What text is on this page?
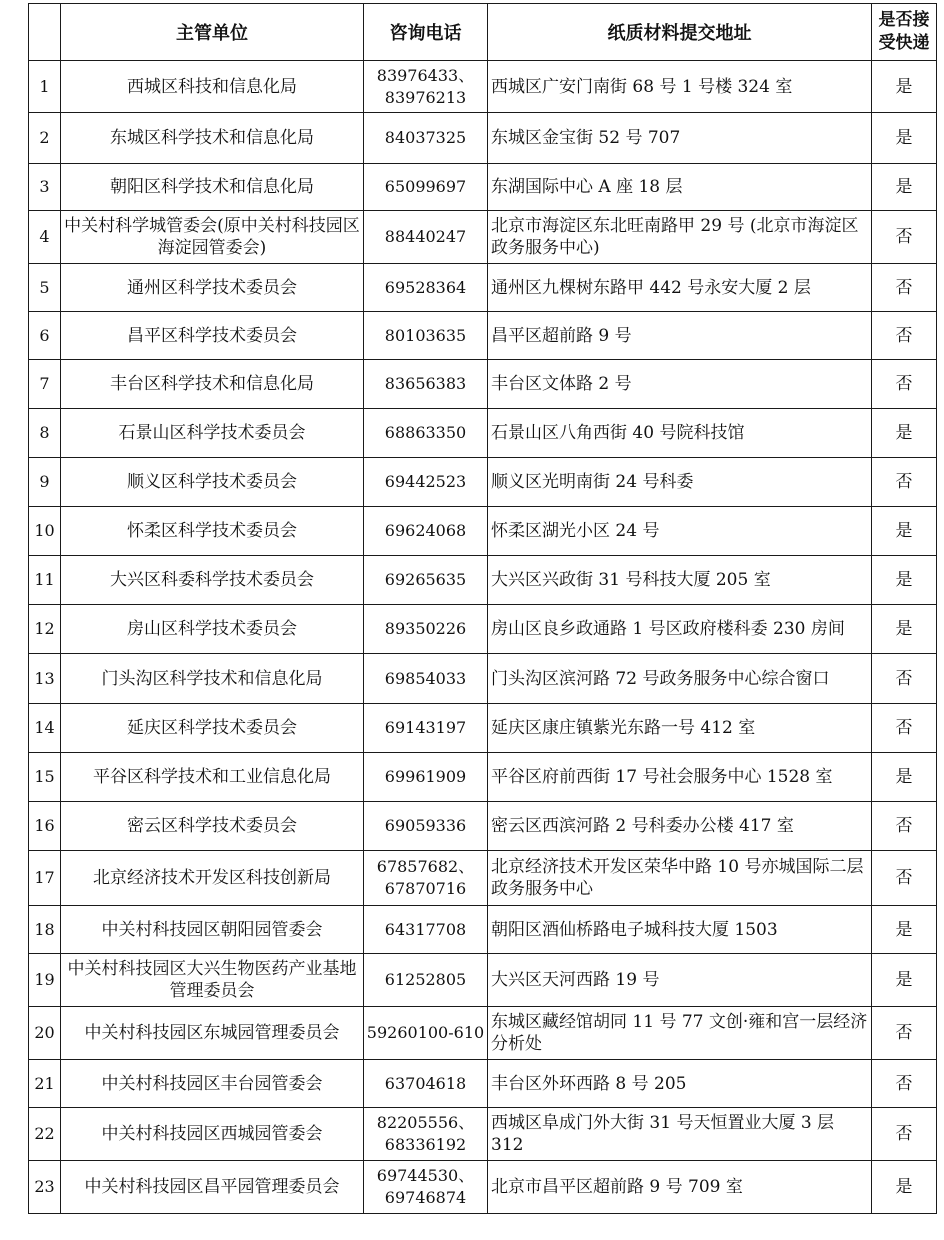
	主管单位	咨询电话	纸质材料提交地址	是否接
受快递

1	西城区科技和信息化局	83976433、83976213	西城区广安门南街 68 号 1 号楼 324 室	是
2	东城区科学技术和信息化局	84037325	东城区金宝街 52 号 707	是
3	朝阳区科学技术和信息化局	65099697	东湖国际中心 A 座 18 层	是
4	中关村科学城管委会(原中关村科技园区海淀园管委会)	88440247	北京市海淀区东北旺南路甲 29 号 (北京市海淀区政务服务中心)	否
5	通州区科学技术委员会	69528364	通州区九棵树东路甲 442 号永安大厦 2 层	否
6	昌平区科学技术委员会	80103635	昌平区超前路 9 号	否
7	丰台区科学技术和信息化局	83656383	丰台区文体路 2 号	否
8	石景山区科学技术委员会	68863350	石景山区八角西街 40 号院科技馆	是
9	顺义区科学技术委员会	69442523	顺义区光明南街 24 号科委	否
10	怀柔区科学技术委员会	69624068	怀柔区湖光小区 24 号	是
11	大兴区科委科学技术委员会	69265635	大兴区兴政街 31 号科技大厦 205 室	是
12	房山区科学技术委员会	89350226	房山区良乡政通路 1 号区政府楼科委 230 房间	是
13	门头沟区科学技术和信息化局	69854033	门头沟区滨河路 72 号政务服务中心综合窗口	否
14	延庆区科学技术委员会	69143197	延庆区康庄镇紫光东路一号 412 室	否
15	平谷区科学技术和工业信息化局	69961909	平谷区府前西街 17 号社会服务中心 1528 室	是
16	密云区科学技术委员会	69059336	密云区西滨河路 2 号科委办公楼 417 室	否
17	北京经济技术开发区科技创新局	67857682、67870716	北京经济技术开发区荣华中路 10 号亦城国际二层政务服务中心	否
18	中关村科技园区朝阳园管委会	64317708	朝阳区酒仙桥路电子城科技大厦 1503	是
19	中关村科技园区大兴生物医药产业基地管理委员会	61252805	大兴区天河西路 19 号	是
20	中关村科技园区东城园管理委员会	59260100-610	东城区藏经馆胡同 11 号 77 文创·雍和宫一层经济分析处	否
21	中关村科技园区丰台园管委会	63704618	丰台区外环西路 8 号 205	否
22	中关村科技园区西城园管委会	82205556、68336192	西城区阜成门外大街 31 号天恒置业大厦 3 层 312	否
23	中关村科技园区昌平园管理委员会	69744530、69746874	北京市昌平区超前路 9 号 709 室	是
